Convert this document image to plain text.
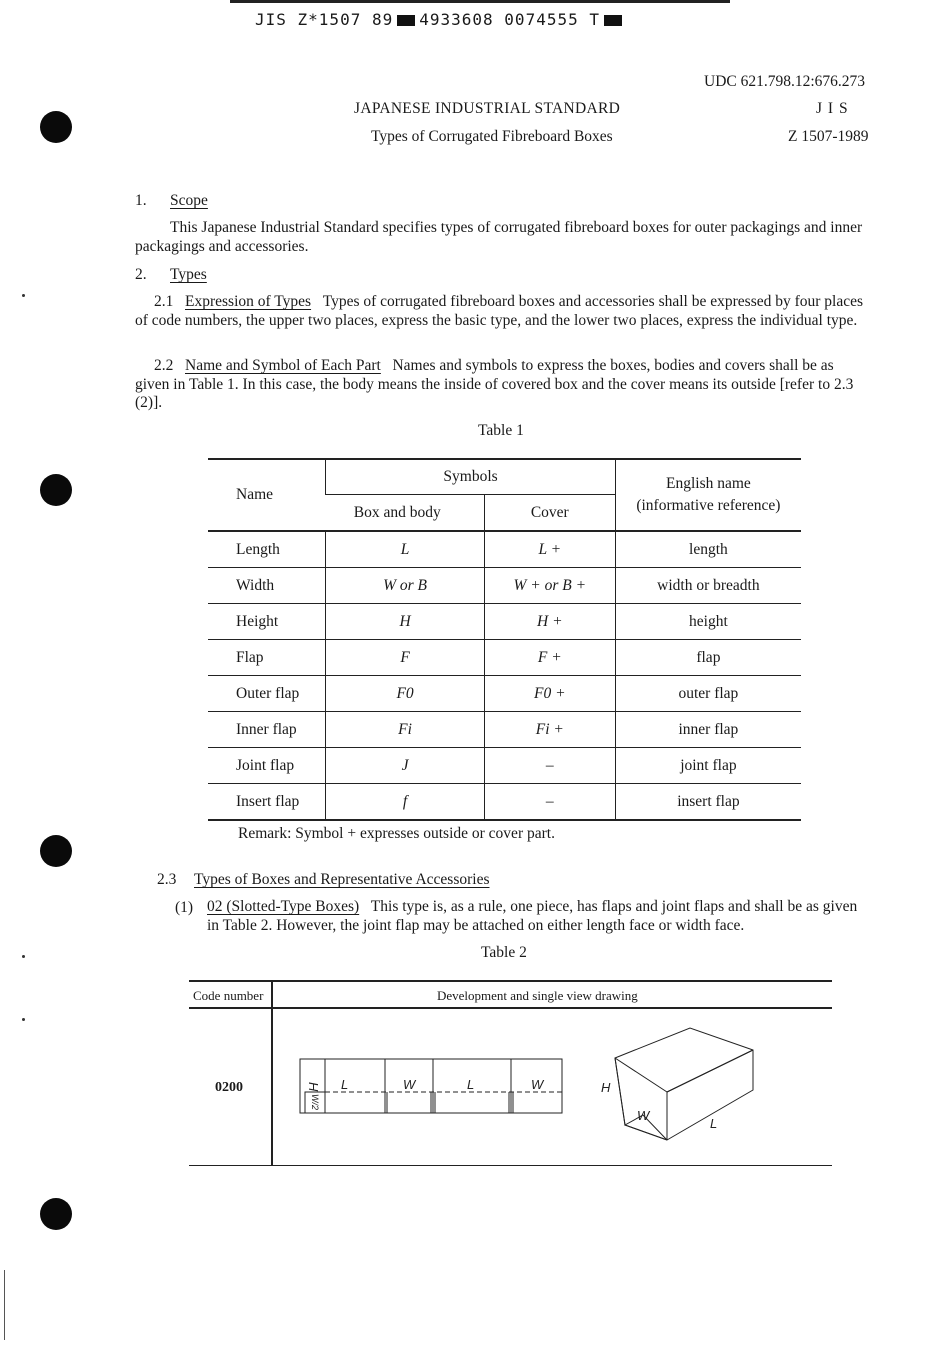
JIS Z*1507 89 4933608 0074555 T
UDC 621.798.12:676.273
JAPANESE INDUSTRIAL STANDARD	J I S
Types of Corrugated Fibreboard Boxes	Z 1507-1989
1. Scope
This Japanese Industrial Standard specifies types of corrugated fibreboard boxes for outer packagings and inner packagings and accessories.
2. Types
2.1 Expression of Types Types of corrugated fibreboard boxes and accessories shall be expressed by four places of code numbers, the upper two places, express the basic type, and the lower two places, express the individual type.
2.2 Name and Symbol of Each Part Names and symbols to express the boxes, bodies and covers shall be as given in Table 1. In this case, the body means the inside of covered box and the cover means its outside [refer to 2.3 (2)].
Table 1
Name	Symbols		English name
(informative reference)
	Box and body	Cover	
Length	L	L +	length
Width	W or B	W + or B +	width or breadth
Height	H	H +	height
Flap	F	F +	flap
Outer flap	F0	F0 +	outer flap
Inner flap	Fi	Fi +	inner flap
Joint flap	J	–	joint flap
Insert flap	f	–	insert flap
Remark: Symbol + expresses outside or cover part.
2.3 Types of Boxes and Representative Accessories
(1) 02 (Slotted-Type Boxes) This type is, as a rule, one piece, has flaps and joint flaps and shall be as given in Table 2. However, the joint flap may be attached on either length face or width face.
Table 2
Code number	Development and single view drawing
0200	H L	W	L	W
W/2
H
W
L
